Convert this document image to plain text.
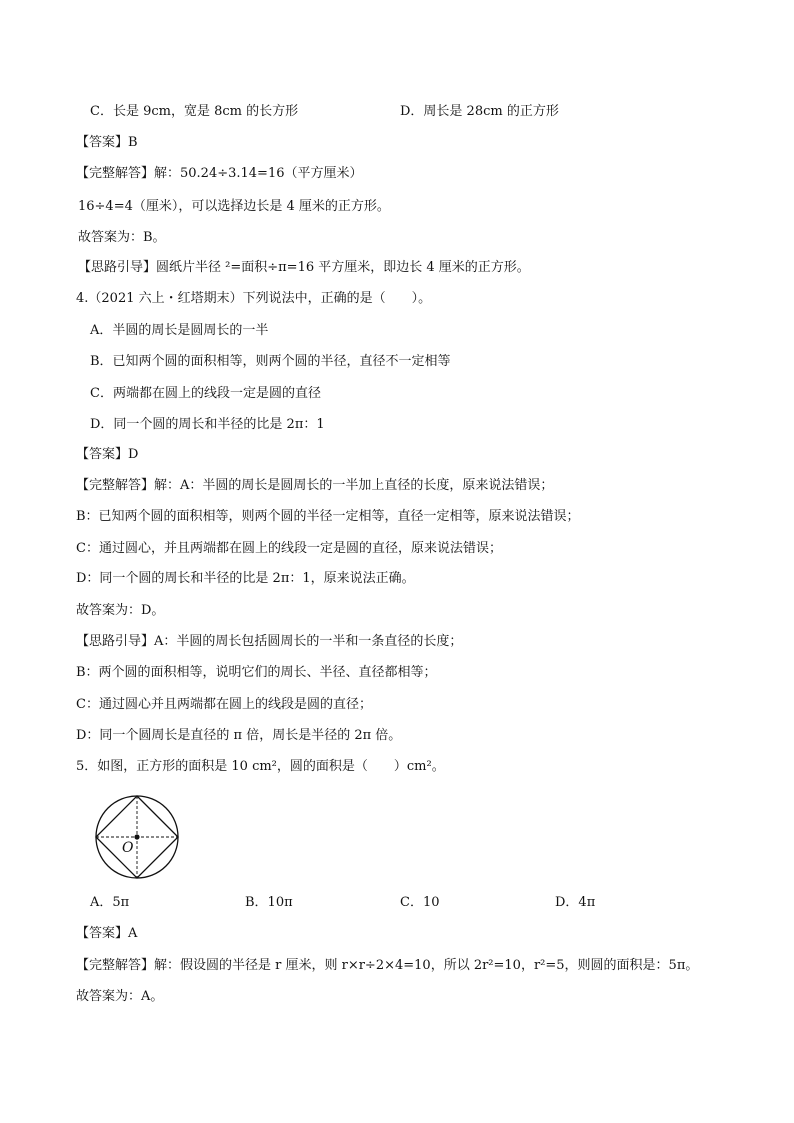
C．长是 9cm，宽是 8cm 的长方形	D．周长是 28cm 的正方形
【答案】B
【完整解答】解：50.24÷3.14=16（平方厘米）
16÷4=4（厘米），可以选择边长是 4 厘米的正方形。
故答案为：B。
【思路引导】圆纸片半径 ²=面积÷π=16 平方厘米，即边长 4 厘米的正方形。
4.（2021 六上・红塔期末）下列说法中，正确的是（　　）。
A．半圆的周长是圆周长的一半
B．已知两个圆的面积相等，则两个圆的半径，直径不一定相等
C．两端都在圆上的线段一定是圆的直径
D．同一个圆的周长和半径的比是 2π：1
【答案】D
【完整解答】解：A：半圆的周长是圆周长的一半加上直径的长度，原来说法错误；
B：已知两个圆的面积相等，则两个圆的半径一定相等，直径一定相等，原来说法错误；
C：通过圆心，并且两端都在圆上的线段一定是圆的直径，原来说法错误；
D：同一个圆的周长和半径的比是 2π：1，原来说法正确。
故答案为：D。
【思路引导】A：半圆的周长包括圆周长的一半和一条直径的长度；
B：两个圆的面积相等，说明它们的周长、半径、直径都相等；
C：通过圆心并且两端都在圆上的线段是圆的直径；
D：同一个圆周长是直径的 π 倍，周长是半径的 2π 倍。
5．如图，正方形的面积是 10 cm²，圆的面积是（　　）cm²。
O
A．5π	B．10π	C．10	D．4π
【答案】A
【完整解答】解：假设圆的半径是 r 厘米，则 r×r÷2×4=10，所以 2r²=10，r²=5，则圆的面积是：5π。
故答案为：A。
